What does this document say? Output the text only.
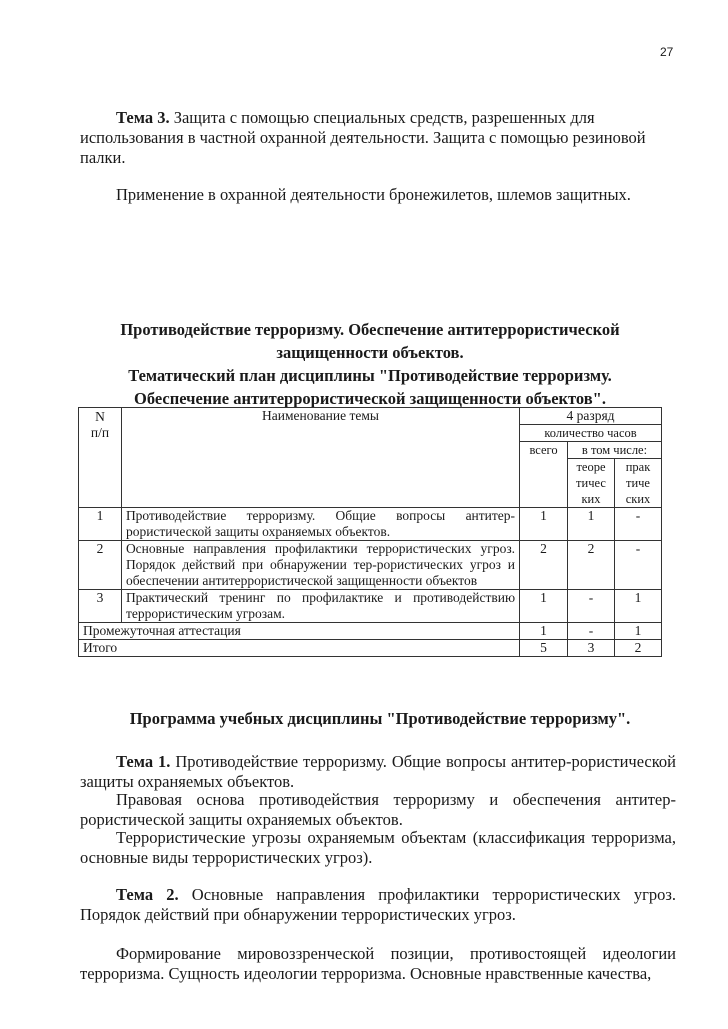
27
Тема 3. Защита с помощью специальных средств, разрешенных для
использования в частной охранной деятельности. Защита с помощью резиновой
палки.
Применение в охранной деятельности бронежилетов, шлемов защитных.
Противодействие терроризму. Обеспечение антитеррористической
защищенности объектов.
Тематический план дисциплины "Противодействие терроризму.
Обеспечение антитеррористической защищенности объектов".
N п/п	Наименование темы	4 разряд		
		количество часов		
		всего	в том числе:	

			теоре тичес ких	прак тиче ских

1	Противодействие терроризму. Общие вопросы антитер-рористической защиты охраняемых объектов.	1	1	-
2	Основные направления профилактики террористических угроз. Порядок действий при обнаружении тер-рористических угроз и обеспечении антитеррористической защищенности объектов	2	2	-
3	Практический тренинг по профилактике и противодействию террористическим угрозам.	1	-	1
Промежуточная аттестация		1	-	1
Итого		5	3	2
Программа учебных дисциплины "Противодействие терроризму".
Тема 1. Противодействие терроризму. Общие вопросы антитер-рористической защиты охраняемых объектов.
Правовая основа противодействия терроризму и обеспечения антитер-рористической защиты охраняемых объектов.
Террористические угрозы охраняемым объектам (классификация терроризма, основные виды террористических угроз).
Тема 2. Основные направления профилактики террористических угроз. Порядок действий при обнаружении террористических угроз.
Формирование мировоззренческой позиции, противостоящей идеологии терроризма. Сущность идеологии терроризма. Основные нравственные качества,
